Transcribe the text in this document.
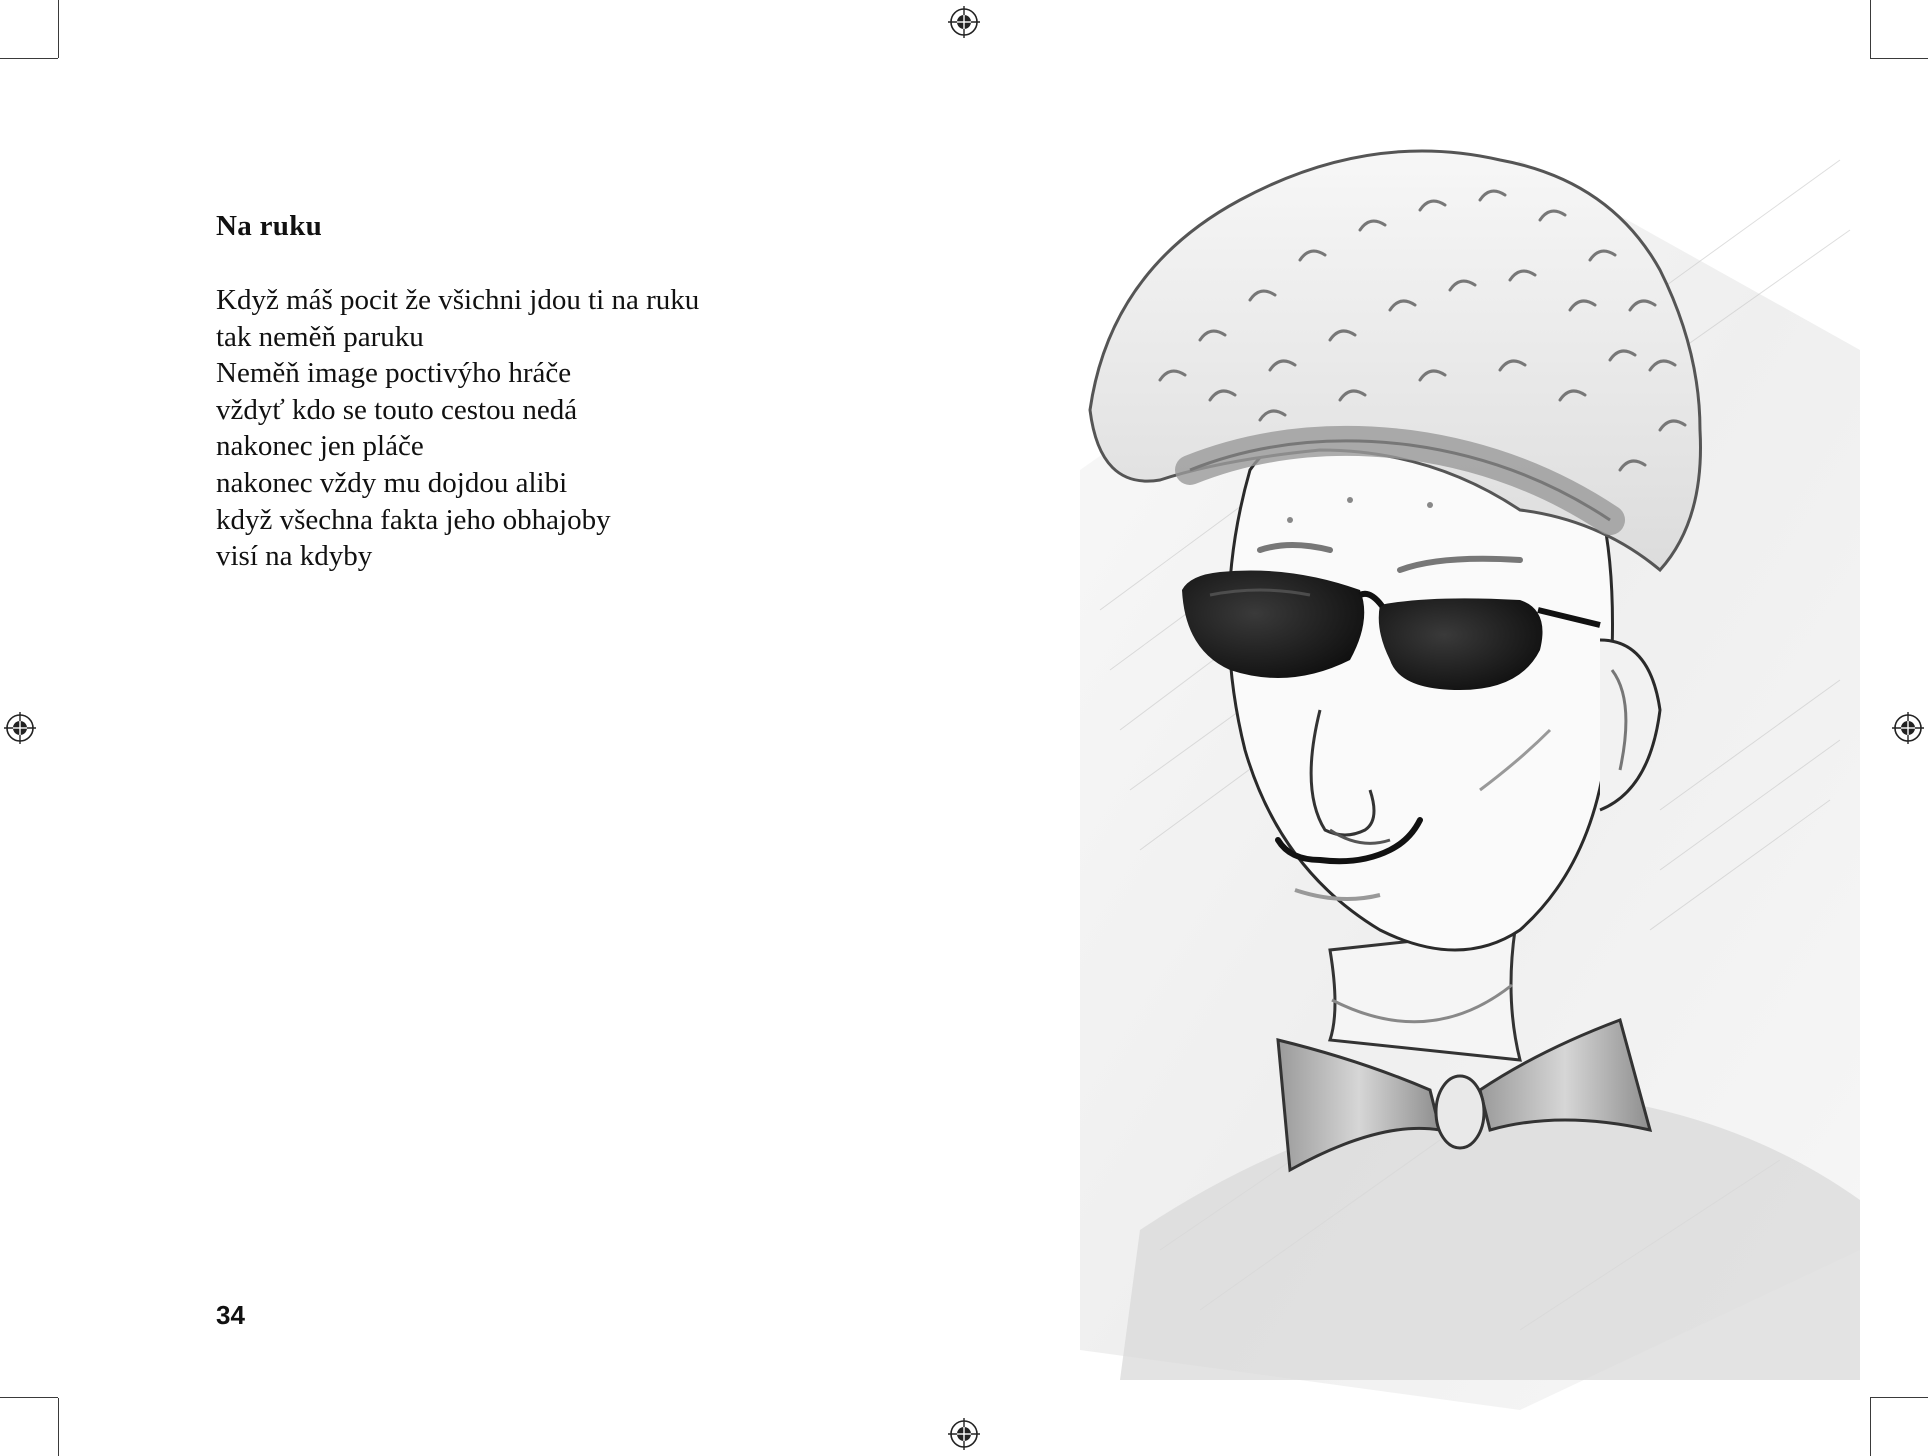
Na ruku
Když máš pocit že všichni jdou ti na ruku
tak neměň paruku
Neměň image poctivýho hráče
vždyť kdo se touto cestou nedá
nakonec jen pláče
nakonec vždy mu dojdou alibi
když všechna fakta jeho obhajoby
visí na kdyby
34
